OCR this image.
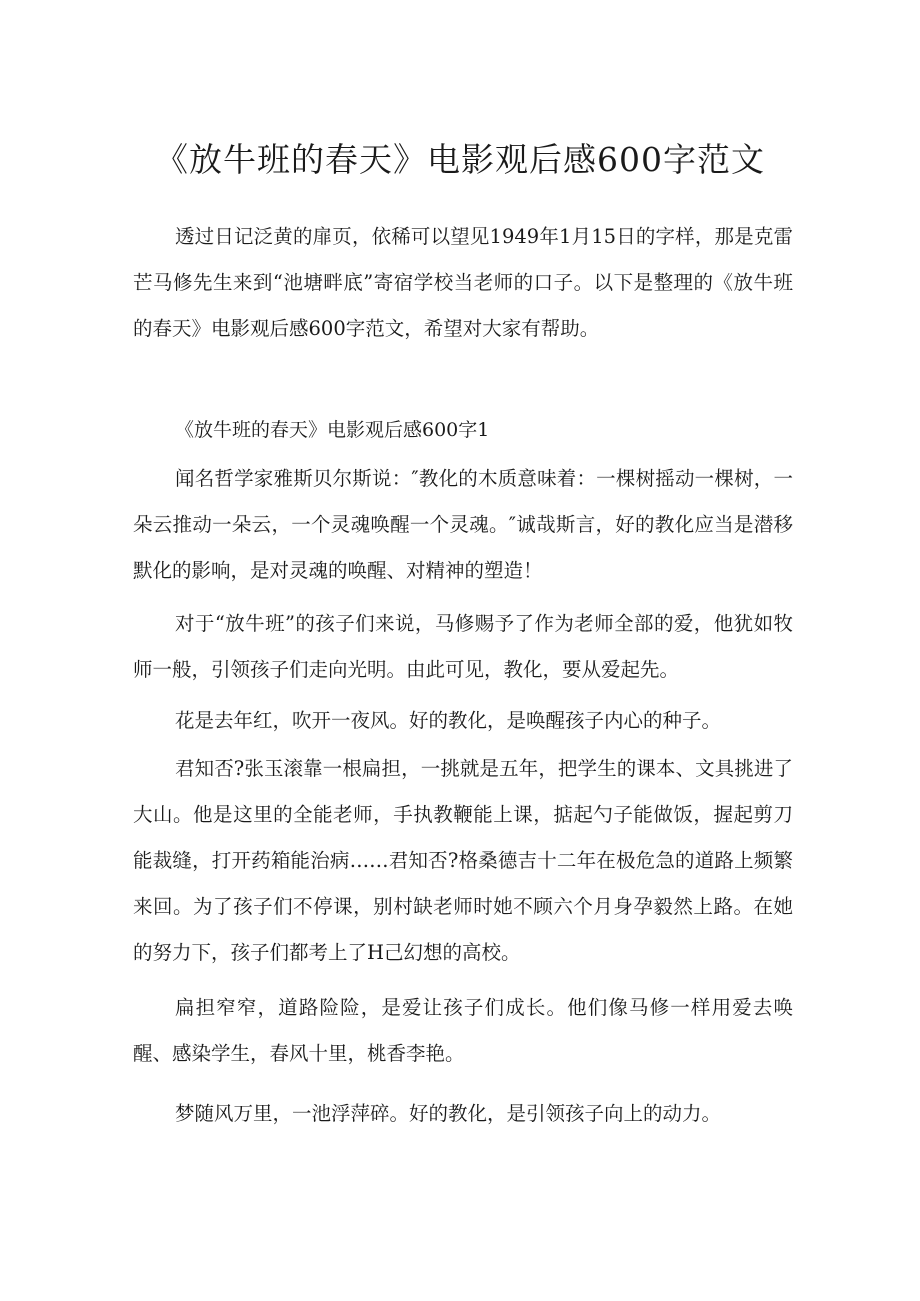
《放牛班的春天》电影观后感600字范文

透过日记泛黄的扉页，依稀可以望见1949年1月15日的字样，那是克雷芒马修先生来到“池塘畔底”寄宿学校当老师的口子。以下是整理的《放牛班的春天》电影观后感600字范文，希望对大家有帮助。

《放牛班的春天》电影观后感600字1

闻名哲学家雅斯贝尔斯说：″教化的木质意味着：一棵树摇动一棵树，一朵云推动一朵云，一个灵魂唤醒一个灵魂。″诚哉斯言，好的教化应当是潜移默化的影响，是对灵魂的唤醒、对精神的塑造！

对于“放牛班”的孩子们来说，马修赐予了作为老师全部的爱，他犹如牧师一般，引领孩子们走向光明。由此可见，教化，要从爱起先。

花是去年红，吹开一夜风。好的教化，是唤醒孩子内心的种子。

君知否?张玉滚靠一根扁担，一挑就是五年，把学生的课本、文具挑进了大山。他是这里的全能老师，手执教鞭能上课，掂起勺子能做饭，握起剪刀能裁缝，打开药箱能治病……君知否?格桑德吉十二年在极危急的道路上频繁来回。为了孩子们不停课，别村缺老师时她不顾六个月身孕毅然上路。在她的努力下，孩子们都考上了H己幻想的高校。

扁担窄窄，道路险险，是爱让孩子们成长。他们像马修一样用爱去唤醒、感染学生，春风十里，桃香李艳。

梦随风万里，一池浮萍碎。好的教化，是引领孩子向上的动力。
